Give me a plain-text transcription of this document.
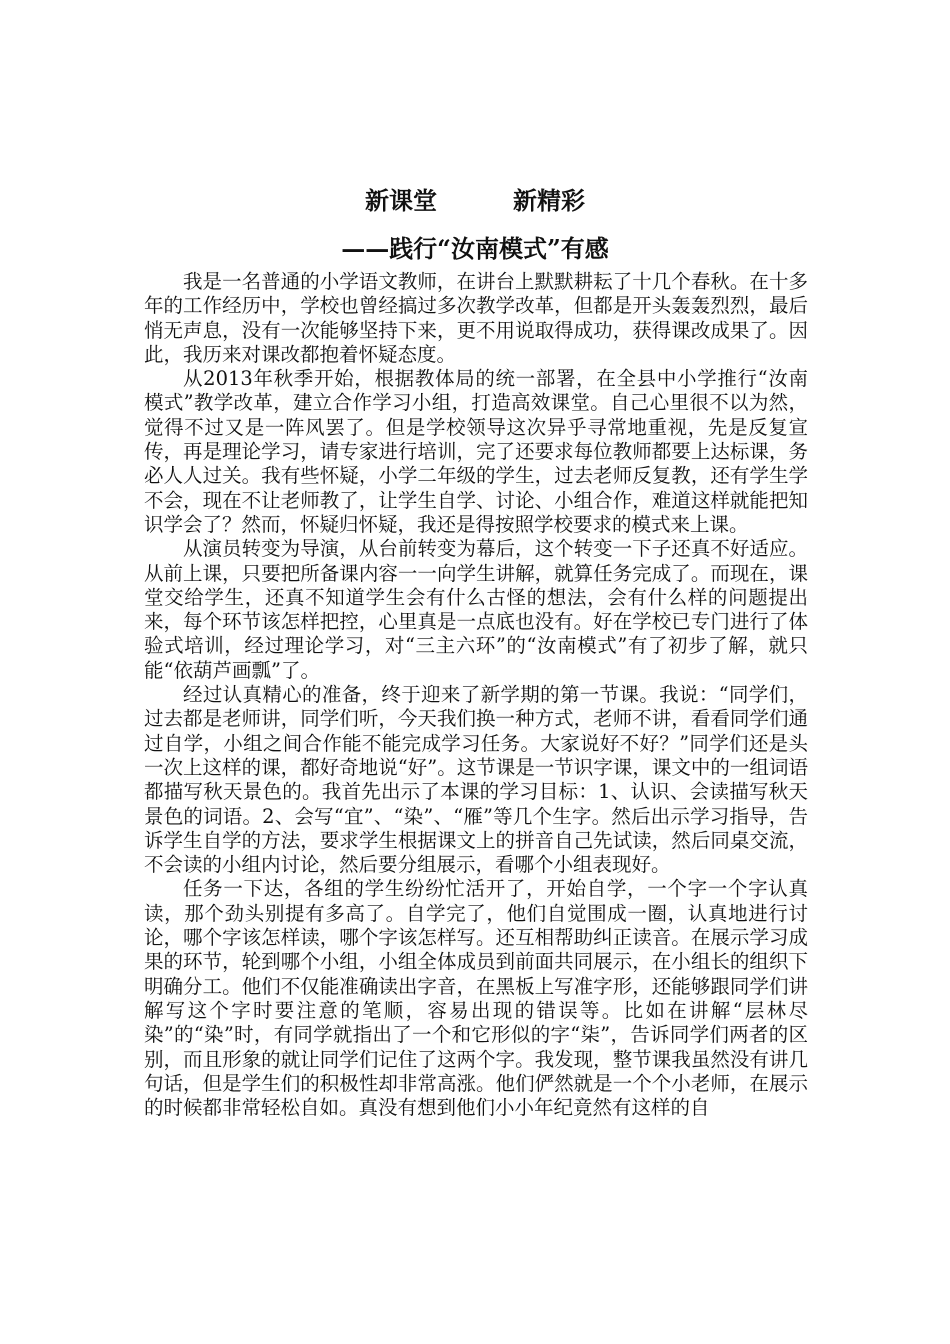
新课堂	新精彩
——践行“汝南模式”有感

我是一名普通的小学语文教师，在讲台上默默耕耘了十几个春秋。在十多年的工作经历中，学校也曾经搞过多次教学改革，但都是开头轰轰烈烈，最后悄无声息，没有一次能够坚持下来，更不用说取得成功，获得课改成果了。因此，我历来对课改都抱着怀疑态度。

从2013年秋季开始，根据教体局的统一部署，在全县中小学推行“汝南模式”教学改革，建立合作学习小组，打造高效课堂。自己心里很不以为然，觉得不过又是一阵风罢了。但是学校领导这次异乎寻常地重视，先是反复宣传，再是理论学习，请专家进行培训，完了还要求每位教师都要上达标课，务必人人过关。我有些怀疑，小学二年级的学生，过去老师反复教，还有学生学不会，现在不让老师教了，让学生自学、讨论、小组合作，难道这样就能把知识学会了？然而，怀疑归怀疑，我还是得按照学校要求的模式来上课。

从演员转变为导演，从台前转变为幕后，这个转变一下子还真不好适应。从前上课，只要把所备课内容一一向学生讲解，就算任务完成了。而现在，课堂交给学生，还真不知道学生会有什么古怪的想法，会有什么样的问题提出来，每个环节该怎样把控，心里真是一点底也没有。好在学校已专门进行了体验式培训，经过理论学习，对“三主六环”的“汝南模式”有了初步了解，就只能“依葫芦画瓢”了。

经过认真精心的准备，终于迎来了新学期的第一节课。我说：“同学们，过去都是老师讲，同学们听，今天我们换一种方式，老师不讲，看看同学们通过自学，小组之间合作能不能完成学习任务。大家说好不好？”同学们还是头一次上这样的课，都好奇地说“好”。这节课是一节识字课，课文中的一组词语都描写秋天景色的。我首先出示了本课的学习目标：1、认识、会读描写秋天景色的词语。2、会写“宜”、“染”、“雁”等几个生字。然后出示学习指导，告诉学生自学的方法，要求学生根据课文上的拼音自己先试读，然后同桌交流，不会读的小组内讨论，然后要分组展示，看哪个小组表现好。

任务一下达，各组的学生纷纷忙活开了，开始自学，一个字一个字认真读，那个劲头别提有多高了。自学完了，他们自觉围成一圈，认真地进行讨论，哪个字该怎样读，哪个字该怎样写。还互相帮助纠正读音。在展示学习成果的环节，轮到哪个小组，小组全体成员到前面共同展示，在小组长的组织下明确分工。他们不仅能准确读出字音，在黑板上写准字形，还能够跟同学们讲解写这个字时要注意的笔顺，容易出现的错误等。比如在讲解“层林尽染”的“染”时，有同学就指出了一个和它形似的字“柒”，告诉同学们两者的区别，而且形象的就让同学们记住了这两个字。我发现，整节课我虽然没有讲几句话，但是学生们的积极性却非常高涨。他们俨然就是一个个小老师，在展示的时候都非常轻松自如。真没有想到他们小小年纪竟然有这样的自
